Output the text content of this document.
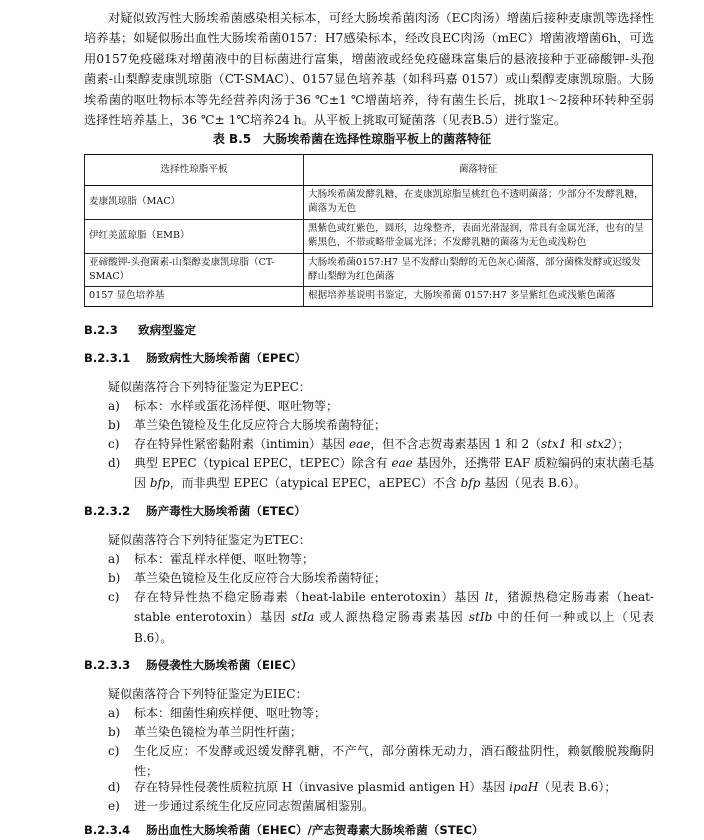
对疑似致泻性大肠埃希菌感染相关标本，可经大肠埃希菌肉汤（EC肉汤）增菌后接种麦康凯等选择性培养基；如疑似肠出血性大肠埃希菌0157：H7感染标本，经改良EC肉汤（mEC）增菌液增菌6h，可选用0157免疫磁珠对增菌液中的目标菌进行富集，增菌液或经免疫磁珠富集后的悬液接种于亚碲酸钾-头孢菌素-山梨醇麦康凯琼脂（CT-SMAC）、0157显色培养基（如科玛嘉 0157）或山梨醇麦康凯琼脂。大肠埃希菌的呕吐物标本等先经营养肉汤于36 ℃±1 ℃增菌培养，待有菌生长后，挑取1～2接种环转种至弱选择性培养基上，36 ℃± 1℃培养24 h。从平板上挑取可疑菌落（见表B.5）进行鉴定。

表 B.5　大肠埃希菌在选择性琼脂平板上的菌落特征
选择性琼脂平板	菌落特征
麦康凯琼脂（MAC）	大肠埃希菌发酵乳糖，在麦康凯琼脂呈桃红色不透明菌落；少部分不发酵乳糖，菌落为无色
伊红美蓝琼脂（EMB）	黑紫色或红紫色，圆形，边缘整齐，表面光滑湿润，常具有金属光泽，也有的呈紫黑色，不带或略带金属光泽；不发酵乳糖的菌落为无色或浅粉色
亚碲酸钾-头孢菌素-山梨醇麦康凯琼脂（CT-SMAC）	大肠埃希菌0157:H7 呈不发酵山梨醇的无色灰心菌落，部分菌株发酵或迟缓发酵山梨醇为红色菌落
0157 显色培养基	根据培养基说明书鉴定，大肠埃希菌 0157:H7 多呈紫红色或浅紫色菌落
B.2.3 致病型鉴定
B.2.3.1 肠致病性大肠埃希菌（EPEC）
疑似菌落符合下列特征鉴定为EPEC：
a)	标本：水样或蛋花汤样便、呕吐物等；
b)	革兰染色镜检及生化反应符合大肠埃希菌特征；
c)	存在特异性紧密黏附素（intimin）基因 eae，但不含志贺毒素基因 1 和 2（stx1 和 stx2）；
d)	典型 EPEC（typical EPEC，tEPEC）除含有 eae 基因外，还携带 EAF 质粒编码的束状菌毛基因 bfp，而非典型 EPEC（atypical EPEC，aEPEC）不含 bfp 基因（见表 B.6）。
B.2.3.2 肠产毒性大肠埃希菌（ETEC）
疑似菌落符合下列特征鉴定为ETEC：
a)	标本：霍乱样水样便、呕吐物等；
b)	革兰染色镜检及生化反应符合大肠埃希菌特征；
c)	存在特异性热不稳定肠毒素（heat-labile enterotoxin）基因 lt，猪源热稳定肠毒素（heat-stable enterotoxin）基因 stIa 或人源热稳定肠毒素基因 stIb 中的任何一种或以上（见表 B.6）。
B.2.3.3 肠侵袭性大肠埃希菌（EIEC）
疑似菌落符合下列特征鉴定为EIEC：
a)	标本：细菌性痢疾样便、呕吐物等；
b)	革兰染色镜检为革兰阴性杆菌；
c)	生化反应：不发酵或迟缓发酵乳糖，不产气，部分菌株无动力，酒石酸盐阴性，赖氨酸脱羧酶阴性；
d)	存在特异性侵袭性质粒抗原 H（invasive plasmid antigen H）基因 ipaH（见表 B.6）；
e)	进一步通过系统生化反应同志贺菌属相鉴别。
B.2.3.4 肠出血性大肠埃希菌（EHEC）/产志贺毒素大肠埃希菌（STEC）
